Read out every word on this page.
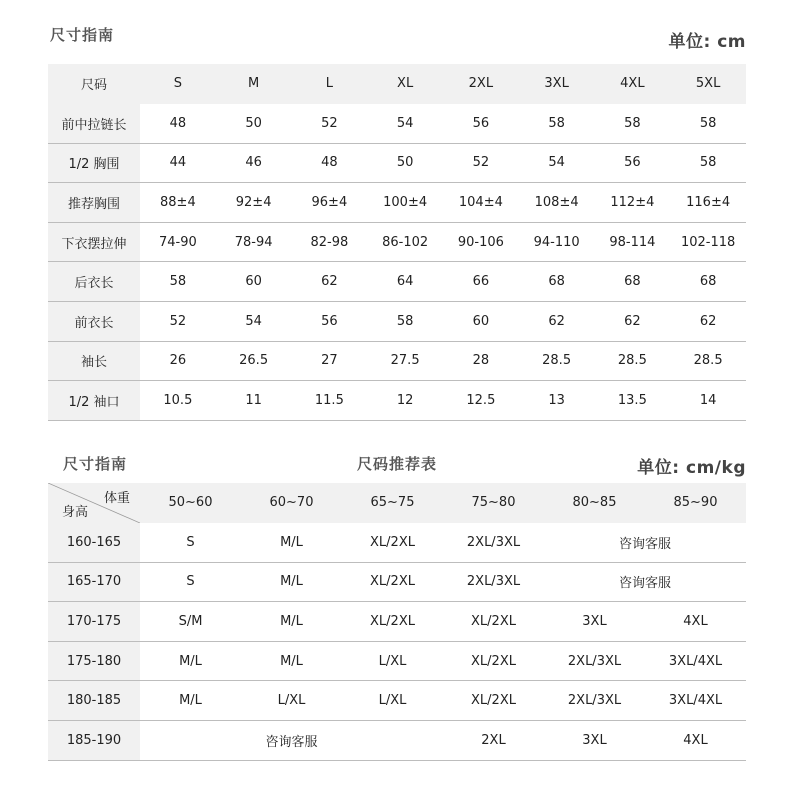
尺寸指南	单位: cm
尺码	S	M	L	XL	2XL	3XL	4XL	5XL
前中拉链长	48	50	52	54	56	58	58	58
1/2 胸围	44	46	48	50	52	54	56	58
推荐胸围	88±4	92±4	96±4	100±4	104±4	108±4	112±4	116±4
下衣摆拉伸	74-90	78-94	82-98	86-102	90-106	94-110	98-114	102-118
后衣长	58	60	62	64	66	68	68	68
前衣长	52	54	56	58	60	62	62	62
袖长	26	26.5	27	27.5	28	28.5	28.5	28.5
1/2 袖口	10.5	11	11.5	12	12.5	13	13.5	14
尺寸指南	尺码推荐表	单位: cm/kg
体重
身高	50~60	60~70	65~75	75~80	80~85	85~90
160-165	S	M/L	XL/2XL	2XL/3XL	咨询客服	
165-170	S	M/L	XL/2XL	2XL/3XL	咨询客服	
170-175	S/M	M/L	XL/2XL	XL/2XL	3XL	4XL
175-180	M/L	M/L	L/XL	XL/2XL	2XL/3XL	3XL/4XL
180-185	M/L	L/XL	L/XL	XL/2XL	2XL/3XL	3XL/4XL
185-190	咨询客服			2XL	3XL	4XL
